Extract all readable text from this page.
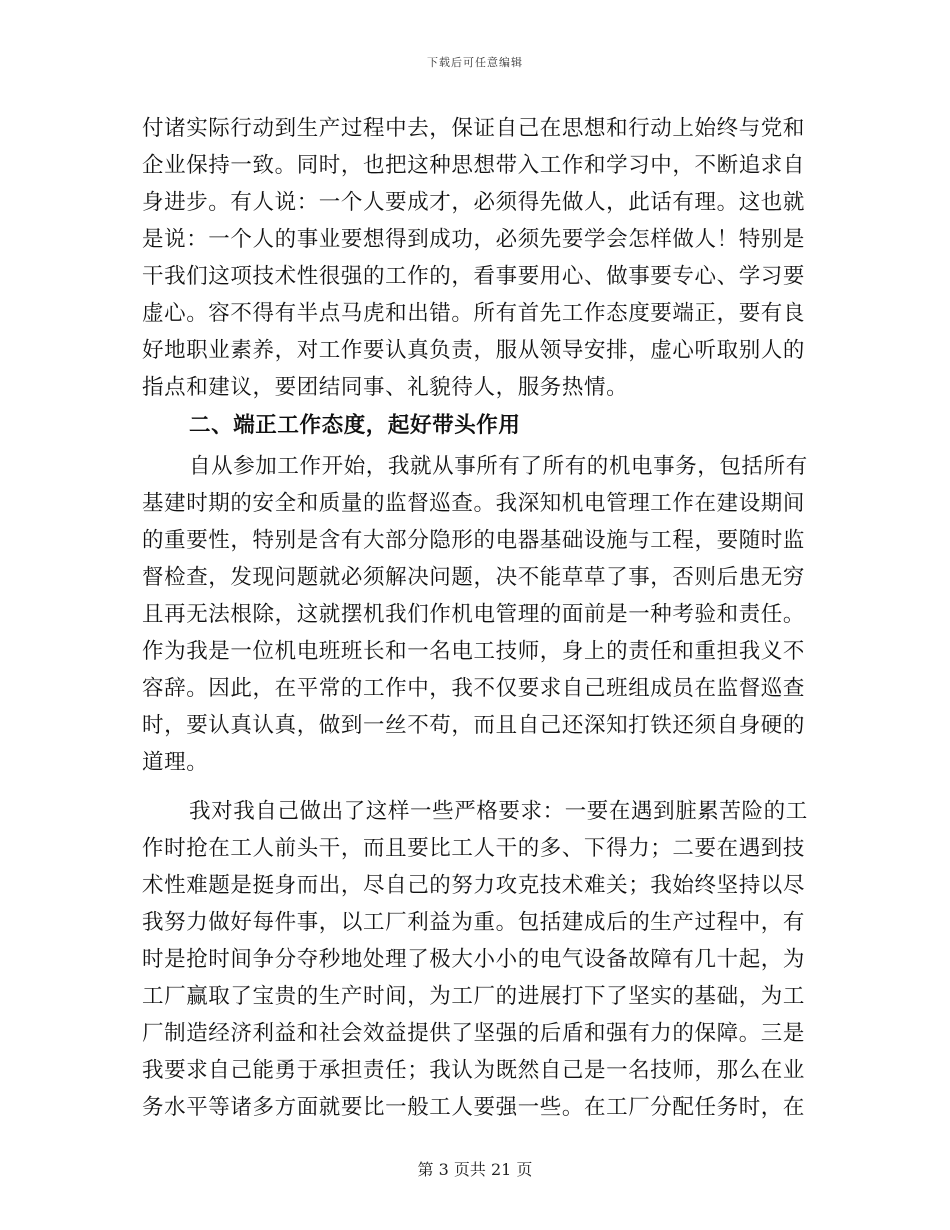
下载后可任意编辑
付诸实际行动到生产过程中去，保证自己在思想和行动上始终与党和
企业保持一致。同时，也把这种思想带入工作和学习中，不断追求自
身进步。有人说：一个人要成才，必须得先做人，此话有理。这也就
是说：一个人的事业要想得到成功，必须先要学会怎样做人！特别是
干我们这项技术性很强的工作的，看事要用心、做事要专心、学习要
虚心。容不得有半点马虎和出错。所有首先工作态度要端正，要有良
好地职业素养，对工作要认真负责，服从领导安排，虚心听取别人的
指点和建议，要团结同事、礼貌待人，服务热情。
二、端正工作态度，起好带头作用
自从参加工作开始，我就从事所有了所有的机电事务，包括所有
基建时期的安全和质量的监督巡查。我深知机电管理工作在建设期间
的重要性，特别是含有大部分隐形的电器基础设施与工程，要随时监
督检查，发现问题就必须解决问题，决不能草草了事，否则后患无穷
且再无法根除，这就摆机我们作机电管理的面前是一种考验和责任。
作为我是一位机电班班长和一名电工技师，身上的责任和重担我义不
容辞。因此，在平常的工作中，我不仅要求自己班组成员在监督巡查
时，要认真认真，做到一丝不苟，而且自己还深知打铁还须自身硬的
道理。
我对我自己做出了这样一些严格要求：一要在遇到脏累苦险的工
作时抢在工人前头干，而且要比工人干的多、下得力；二要在遇到技
术性难题是挺身而出，尽自己的努力攻克技术难关；我始终坚持以尽
我努力做好每件事，以工厂利益为重。包括建成后的生产过程中，有
时是抢时间争分夺秒地处理了极大小小的电气设备故障有几十起，为
工厂赢取了宝贵的生产时间，为工厂的进展打下了坚实的基础，为工
厂制造经济利益和社会效益提供了坚强的后盾和强有力的保障。三是
我要求自己能勇于承担责任；我认为既然自己是一名技师，那么在业
务水平等诸多方面就要比一般工人要强一些。在工厂分配任务时，在
第 3 页共 21 页
